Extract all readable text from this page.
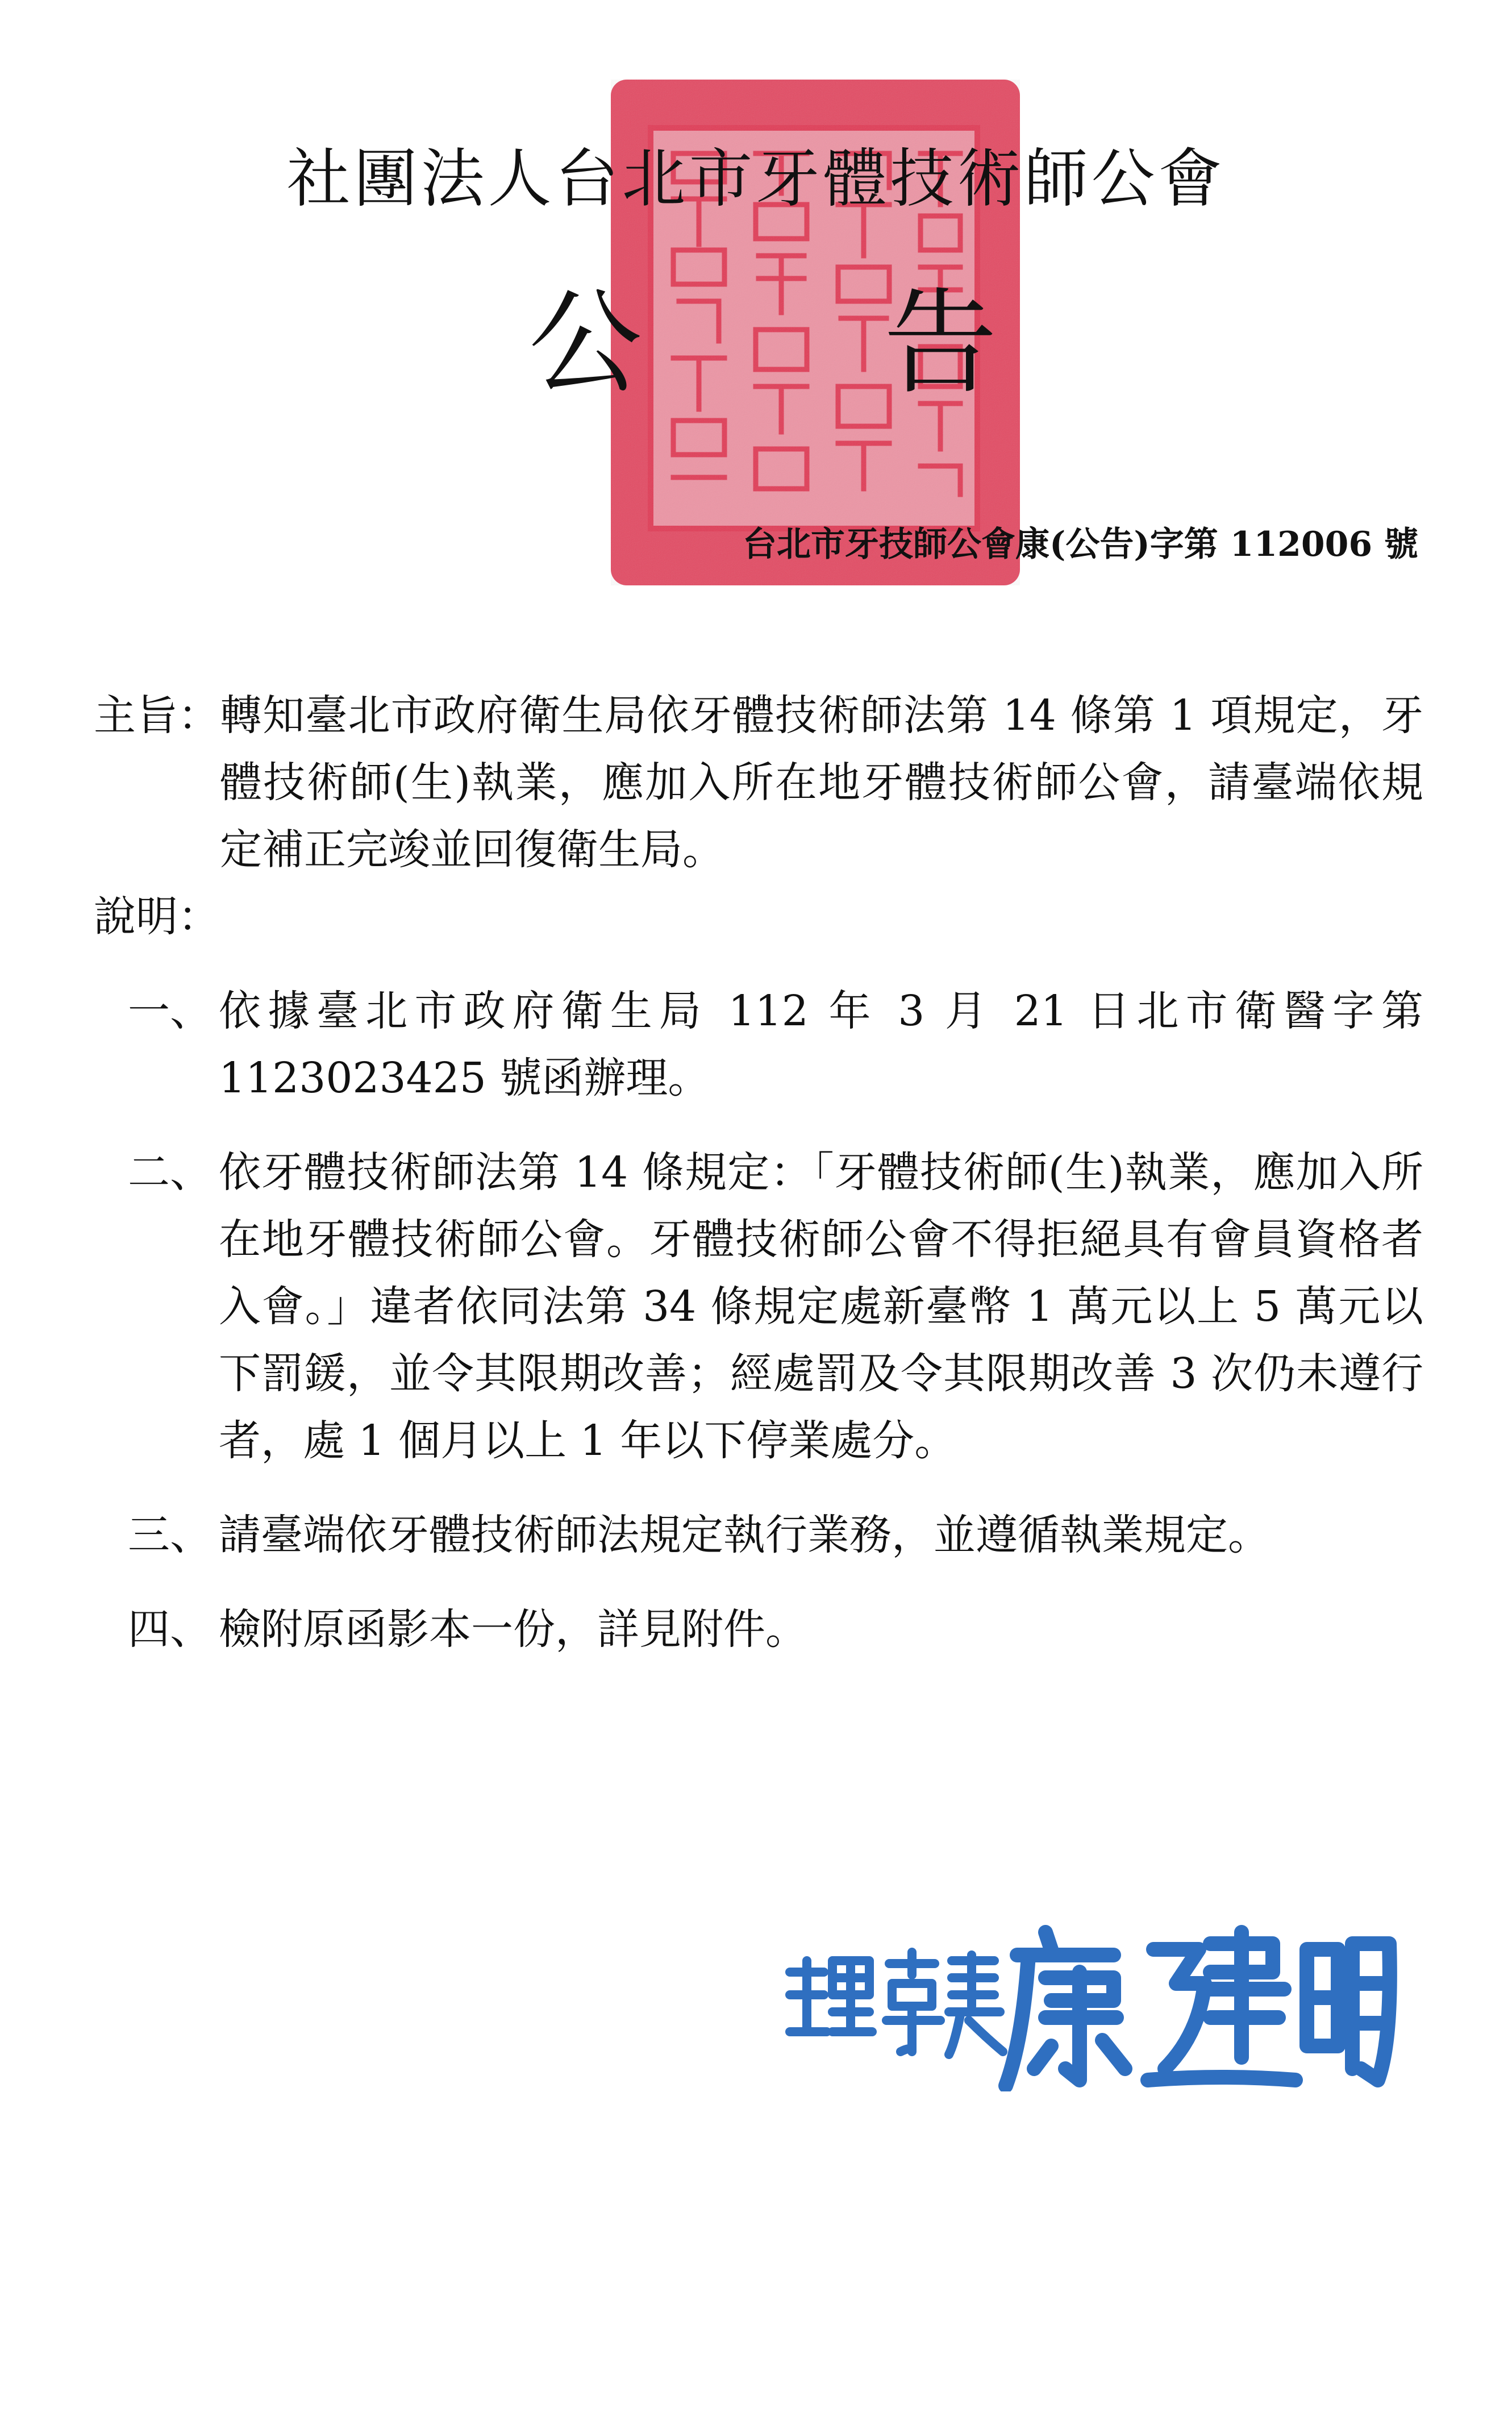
社團法人台北市牙體技術師公會
公 告
台北市牙技師公會康(公告)字第 112006 號
主旨： 轉知臺北市政府衛生局依牙體技術師法第 14 條第 1 項規定，牙體技術師(生)執業，應加入所在地牙體技術師公會，請臺端依規定補正完竣並回復衛生局。
說明：
一、 依據臺北市政府衛生局 112 年 3 月 21 日北市衛醫字第 1123023425 號函辦理。
二、 依牙體技術師法第 14 條規定：「牙體技術師(生)執業，應加入所在地牙體技術師公會。牙體技術師公會不得拒絕具有會員資格者入會。」違者依同法第 34 條規定處新臺幣 1 萬元以上 5 萬元以下罰鍰，並令其限期改善；經處罰及令其限期改善 3 次仍未遵行者，處 1 個月以上 1 年以下停業處分。
三、 請臺端依牙體技術師法規定執行業務，並遵循執業規定。
四、 檢附原函影本一份，詳見附件。
